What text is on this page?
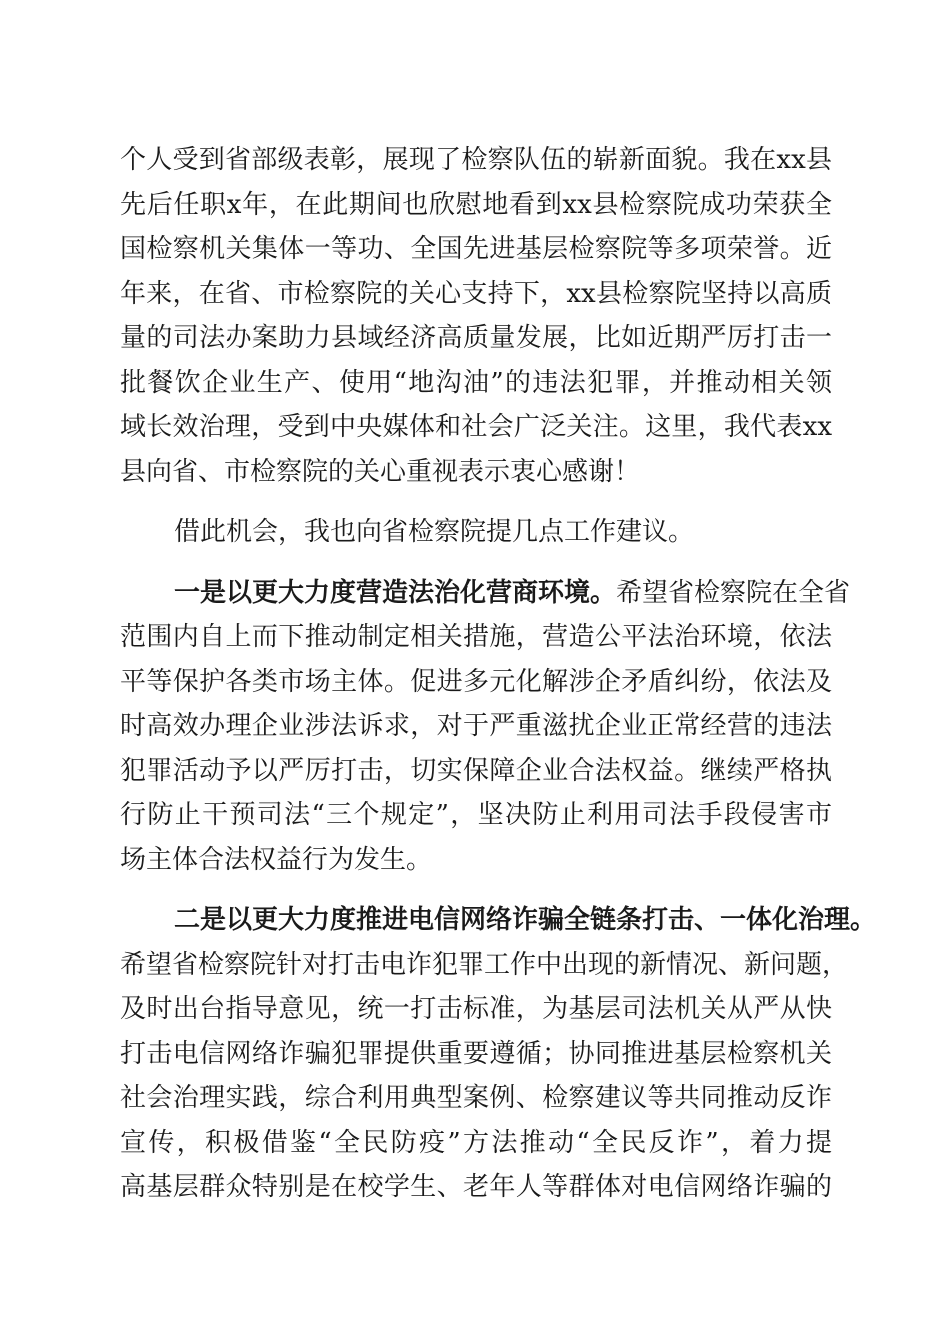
个人受到省部级表彰，展现了检察队伍的崭新面貌。我在xx县
先后任职x年，在此期间也欣慰地看到xx县检察院成功荣获全
国检察机关集体一等功、全国先进基层检察院等多项荣誉。近
年来，在省、市检察院的关心支持下，xx县检察院坚持以高质
量的司法办案助力县域经济高质量发展，比如近期严厉打击一
批餐饮企业生产、使用“地沟油”的违法犯罪，并推动相关领
域长效治理，受到中央媒体和社会广泛关注。这里，我代表xx
县向省、市检察院的关心重视表示衷心感谢！
借此机会，我也向省检察院提几点工作建议。
一是以更大力度营造法治化营商环境。希望省检察院在全省
范围内自上而下推动制定相关措施，营造公平法治环境，依法
平等保护各类市场主体。促进多元化解涉企矛盾纠纷，依法及
时高效办理企业涉法诉求，对于严重滋扰企业正常经营的违法
犯罪活动予以严厉打击，切实保障企业合法权益。继续严格执
行防止干预司法“三个规定”，坚决防止利用司法手段侵害市
场主体合法权益行为发生。
二是以更大力度推进电信网络诈骗全链条打击、一体化治理。
希望省检察院针对打击电诈犯罪工作中出现的新情况、新问题，
及时出台指导意见，统一打击标准，为基层司法机关从严从快
打击电信网络诈骗犯罪提供重要遵循；协同推进基层检察机关
社会治理实践，综合利用典型案例、检察建议等共同推动反诈
宣传，积极借鉴“全民防疫”方法推动“全民反诈”，着力提
高基层群众特别是在校学生、老年人等群体对电信网络诈骗的
